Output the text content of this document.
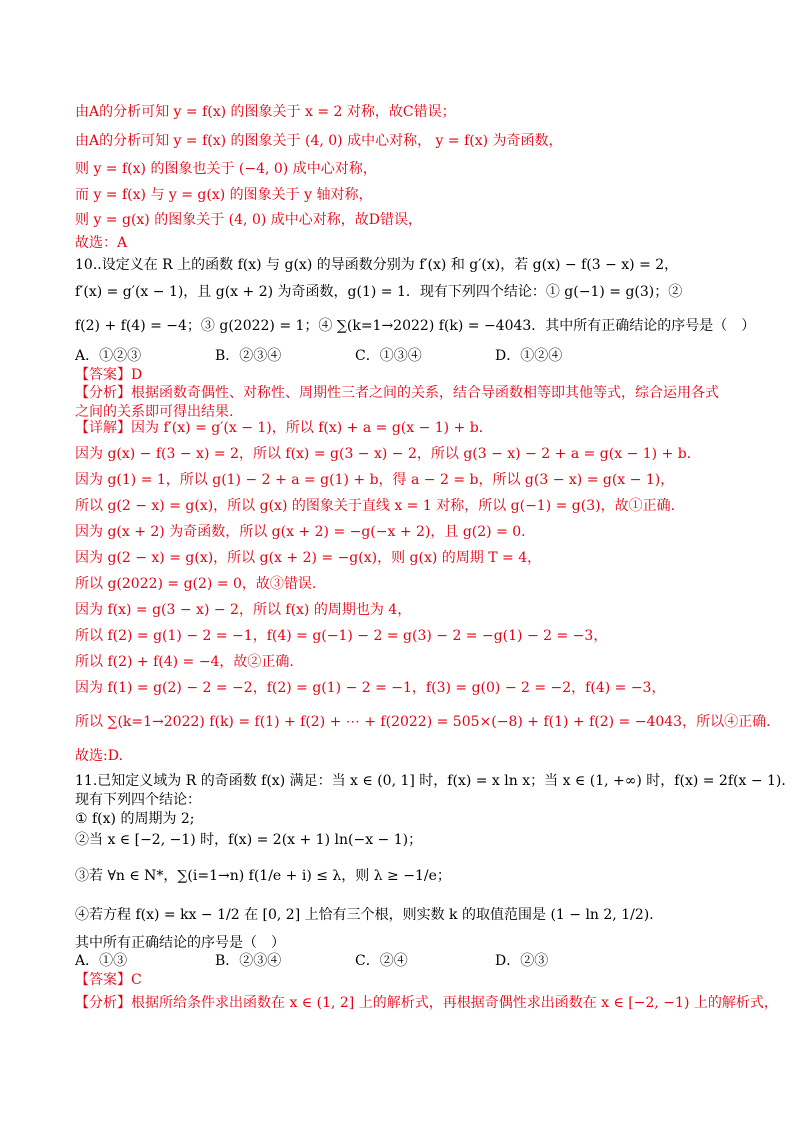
由A的分析可知 y = f(x) 的图象关于 x = 2 对称，故C错误；
由A的分析可知 y = f(x) 的图象关于 (4, 0) 成中心对称， y = f(x) 为奇函数，
则 y = f(x) 的图象也关于 (−4, 0) 成中心对称，
而 y = f(x) 与 y = g(x) 的图象关于 y 轴对称，
则 y = g(x) 的图象关于 (4, 0) 成中心对称，故D错误，
故选：A
10..设定义在 R 上的函数 f(x) 与 g(x) 的导函数分别为 f′(x) 和 g′(x)，若 g(x) − f(3 − x) = 2，
f′(x) = g′(x − 1)，且 g(x + 2) 为奇函数，g(1) = 1．现有下列四个结论：① g(−1) = g(3)；②
f(2) + f(4) = −4；③ g(2022) = 1；④ ∑(k=1→2022) f(k) = −4043．其中所有正确结论的序号是（　）
A．①②③	B．②③④	C．①③④	D．①②④
【答案】D
【分析】根据函数奇偶性、对称性、周期性三者之间的关系，结合导函数相等即其他等式，综合运用各式
之间的关系即可得出结果.
【详解】因为 f′(x) = g′(x − 1)，所以 f(x) + a = g(x − 1) + b．
因为 g(x) − f(3 − x) = 2，所以 f(x) = g(3 − x) − 2，所以 g(3 − x) − 2 + a = g(x − 1) + b．
因为 g(1) = 1，所以 g(1) − 2 + a = g(1) + b，得 a − 2 = b，所以 g(3 − x) = g(x − 1)，
所以 g(2 − x) = g(x)，所以 g(x) 的图象关于直线 x = 1 对称，所以 g(−1) = g(3)，故①正确.
因为 g(x + 2) 为奇函数，所以 g(x + 2) = −g(−x + 2)，且 g(2) = 0．
因为 g(2 − x) = g(x)，所以 g(x + 2) = −g(x)，则 g(x) 的周期 T = 4，
所以 g(2022) = g(2) = 0，故③错误.
因为 f(x) = g(3 − x) − 2，所以 f(x) 的周期也为 4，
所以 f(2) = g(1) − 2 = −1，f(4) = g(−1) − 2 = g(3) − 2 = −g(1) − 2 = −3，
所以 f(2) + f(4) = −4，故②正确.
因为 f(1) = g(2) − 2 = −2，f(2) = g(1) − 2 = −1，f(3) = g(0) − 2 = −2，f(4) = −3，
所以 ∑(k=1→2022) f(k) = f(1) + f(2) + ⋯ + f(2022) = 505×(−8) + f(1) + f(2) = −4043，所以④正确.
故选:D.
11.已知定义域为 R 的奇函数 f(x) 满足：当 x ∈ (0, 1] 时，f(x) = x ln x；当 x ∈ (1, +∞) 时，f(x) = 2f(x − 1)．
现有下列四个结论：
① f(x) 的周期为 2;
②当 x ∈ [−2, −1) 时，f(x) = 2(x + 1) ln(−x − 1)；
③若 ∀n ∈ N*，∑(i=1→n) f(1/e + i) ≤ λ，则 λ ≥ −1/e；
④若方程 f(x) = kx − 1/2 在 [0, 2] 上恰有三个根，则实数 k 的取值范围是 (1 − ln 2, 1/2)．
其中所有正确结论的序号是（　）
A．①③	B．②③④	C．②④	D．②③
【答案】C
【分析】根据所给条件求出函数在 x ∈ (1, 2] 上的解析式，再根据奇偶性求出函数在 x ∈ [−2, −1) 上的解析式，
